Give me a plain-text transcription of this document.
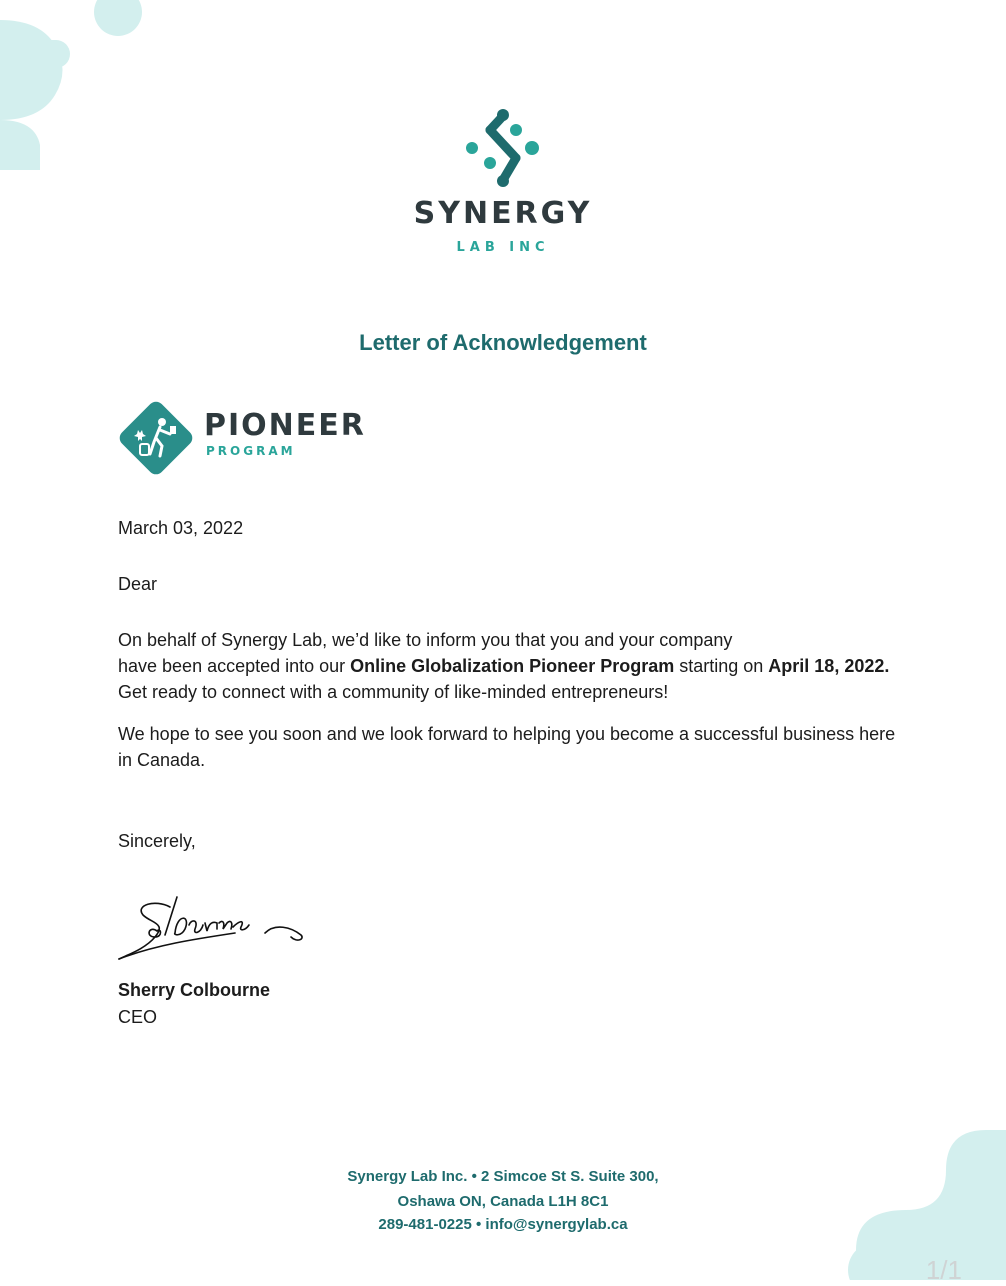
SYNERGY
LAB INC
Letter of Acknowledgement
PIONEER
PROGRAM
March 03, 2022
Dear
On behalf of Synergy Lab, we’d like to inform you that you and your company
have been accepted into our Online Globalization Pioneer Program starting on April 18, 2022. Get ready to connect with a community of like-minded entrepreneurs!
We hope to see you soon and we look forward to helping you become a successful business here in Canada.
Sincerely,
Sherry Colbourne
CEO
Synergy Lab Inc. • 2 Simcoe St S. Suite 300,
Oshawa ON, Canada L1H 8C1
289-481-0225 • info@synergylab.ca
1/1
